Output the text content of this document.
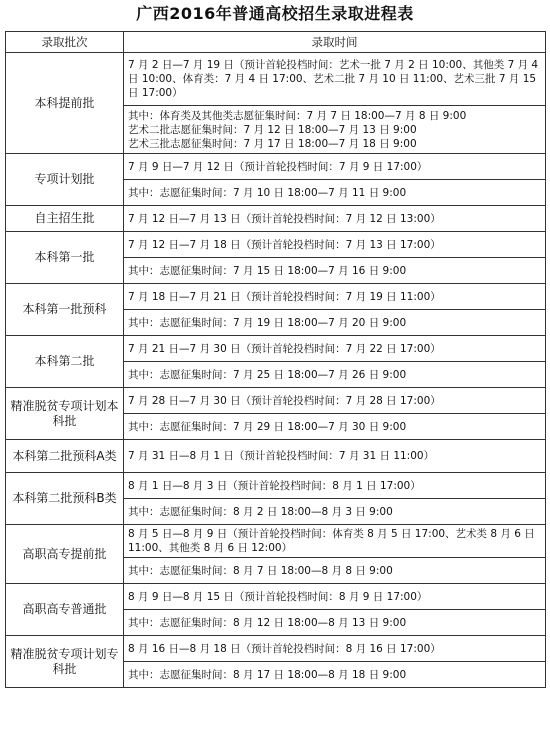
广西2016年普通高校招生录取进程表
录取批次	录取时间
本科提前批	7 月 2 日—7 月 19 日（预计首轮投档时间：艺术一批 7 月 2 日 10:00、其他类 7 月 4 日 10:00、体育类：7 月 4 日 17:00、艺术二批 7 月 10 日 11:00、艺术三批 7 月 15 日 17:00）

	其中：体育类及其他类志愿征集时间：7 月 7 日 18:00—7 月 8 日 9:00
艺术二批志愿征集时间：7 月 12 日 18:00—7 月 13 日 9:00
艺术三批志愿征集时间：7 月 17 日 18:00—7 月 18 日 9:00

专项计划批	7 月 9 日—7 月 12 日（预计首轮投档时间：7 月 9 日 17:00）

	其中：志愿征集时间：7 月 10 日 18:00—7 月 11 日 9:00

自主招生批	7 月 12 日—7 月 13 日（预计首轮投档时间：7 月 12 日 13:00）

本科第一批	7 月 12 日—7 月 18 日（预计首轮投档时间：7 月 13 日 17:00）

	其中：志愿征集时间：7 月 15 日 18:00—7 月 16 日 9:00

本科第一批预科	7 月 18 日—7 月 21 日（预计首轮投档时间：7 月 19 日 11:00）

	其中：志愿征集时间：7 月 19 日 18:00—7 月 20 日 9:00

本科第二批	7 月 21 日—7 月 30 日（预计首轮投档时间：7 月 22 日 17:00）

	其中：志愿征集时间：7 月 25 日 18:00—7 月 26 日 9:00

精准脱贫专项计划本科批	7 月 28 日—7 月 30 日（预计首轮投档时间：7 月 28 日 17:00）

	其中：志愿征集时间：7 月 29 日 18:00—7 月 30 日 9:00

本科第二批预科A类	7 月 31 日—8 月 1 日（预计首轮投档时间：7 月 31 日 11:00）

本科第二批预科B类	8 月 1 日—8 月 3 日（预计首轮投档时间：8 月 1 日 17:00）

	其中：志愿征集时间：8 月 2 日 18:00—8 月 3 日 9:00

高职高专提前批	8 月 5 日—8 月 9 日（预计首轮投档时间：体育类 8 月 5 日 17:00、艺术类 8 月 6 日 11:00、其他类 8 月 6 日 12:00）

	其中：志愿征集时间：8 月 7 日 18:00—8 月 8 日 9:00

高职高专普通批	8 月 9 日—8 月 15 日（预计首轮投档时间：8 月 9 日 17:00）

	其中：志愿征集时间：8 月 12 日 18:00—8 月 13 日 9:00

精准脱贫专项计划专科批	8 月 16 日—8 月 18 日（预计首轮投档时间：8 月 16 日 17:00）

	其中：志愿征集时间：8 月 17 日 18:00—8 月 18 日 9:00
